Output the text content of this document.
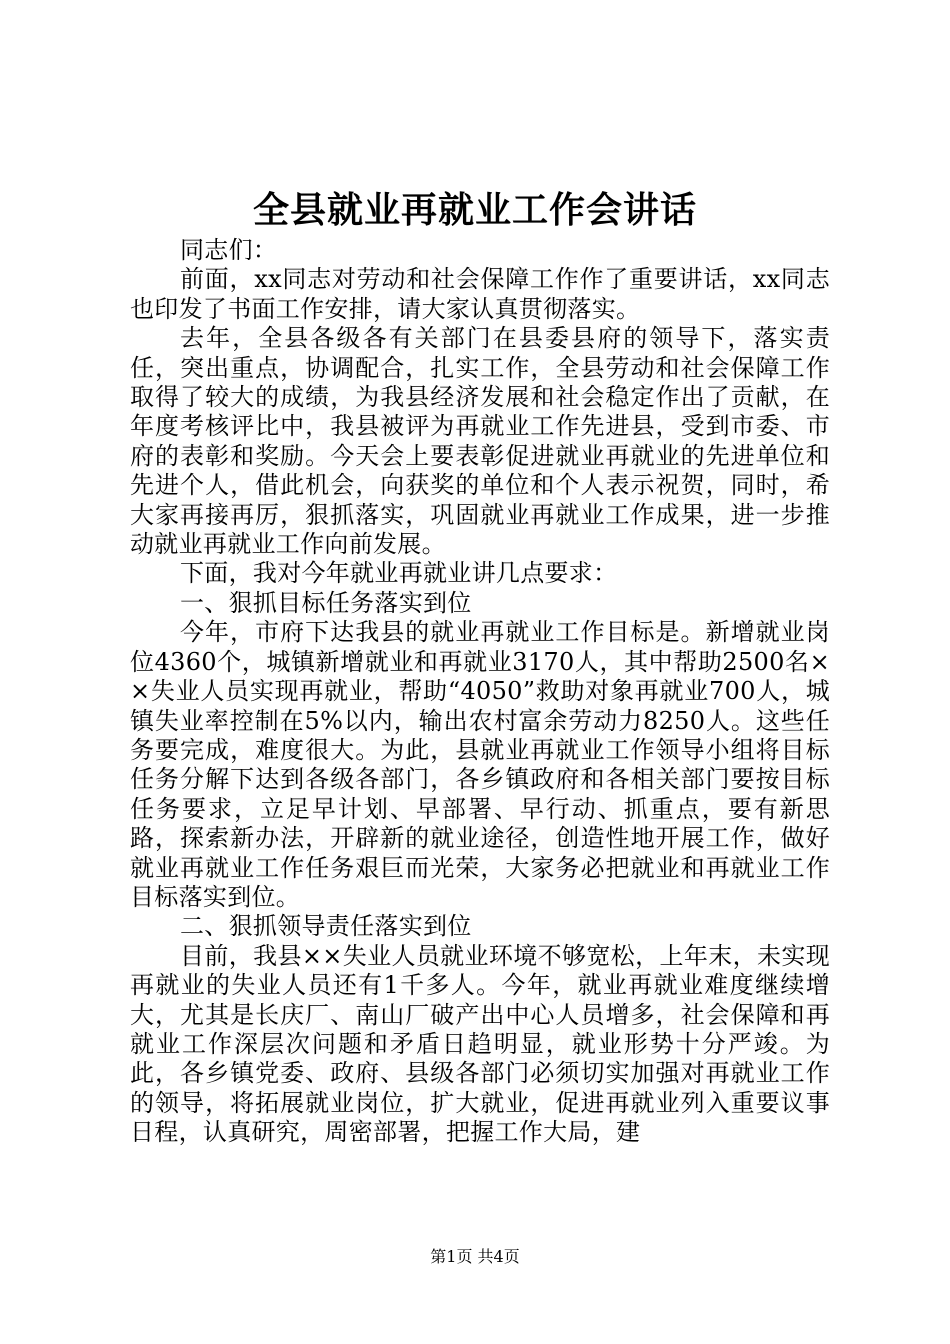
全县就业再就业工作会讲话

同志们：

前面，xx同志对劳动和社会保障工作作了重要讲话，xx同志也印发了书面工作安排，请大家认真贯彻落实。

去年，全县各级各有关部门在县委县府的领导下，落实责任，突出重点，协调配合，扎实工作，全县劳动和社会保障工作取得了较大的成绩，为我县经济发展和社会稳定作出了贡献，在年度考核评比中，我县被评为再就业工作先进县，受到市委、市府的表彰和奖励。今天会上要表彰促进就业再就业的先进单位和先进个人，借此机会，向获奖的单位和个人表示祝贺，同时，希大家再接再厉，狠抓落实，巩固就业再就业工作成果，进一步推动就业再就业工作向前发展。

下面，我对今年就业再就业讲几点要求：

一、狠抓目标任务落实到位

今年，市府下达我县的就业再就业工作目标是。新增就业岗位4360个，城镇新增就业和再就业3170人，其中帮助2500名××失业人员实现再就业，帮助“4050”救助对象再就业700人，城镇失业率控制在5%以内，输出农村富余劳动力8250人。这些任务要完成，难度很大。为此，县就业再就业工作领导小组将目标任务分解下达到各级各部门，各乡镇政府和各相关部门要按目标任务要求，立足早计划、早部署、早行动、抓重点，要有新思路，探索新办法，开辟新的就业途径，创造性地开展工作，做好就业再就业工作任务艰巨而光荣，大家务必把就业和再就业工作目标落实到位。

二、狠抓领导责任落实到位

目前，我县××失业人员就业环境不够宽松，上年末，未实现再就业的失业人员还有1千多人。今年，就业再就业难度继续增大，尤其是长庆厂、南山厂破产出中心人员增多，社会保障和再就业工作深层次问题和矛盾日趋明显，就业形势十分严竣。为此，各乡镇党委、政府、县级各部门必须切实加强对再就业工作的领导，将拓展就业岗位，扩大就业，促进再就业列入重要议事日程，认真研究，周密部署，把握工作大局，建

第1页 共4页
